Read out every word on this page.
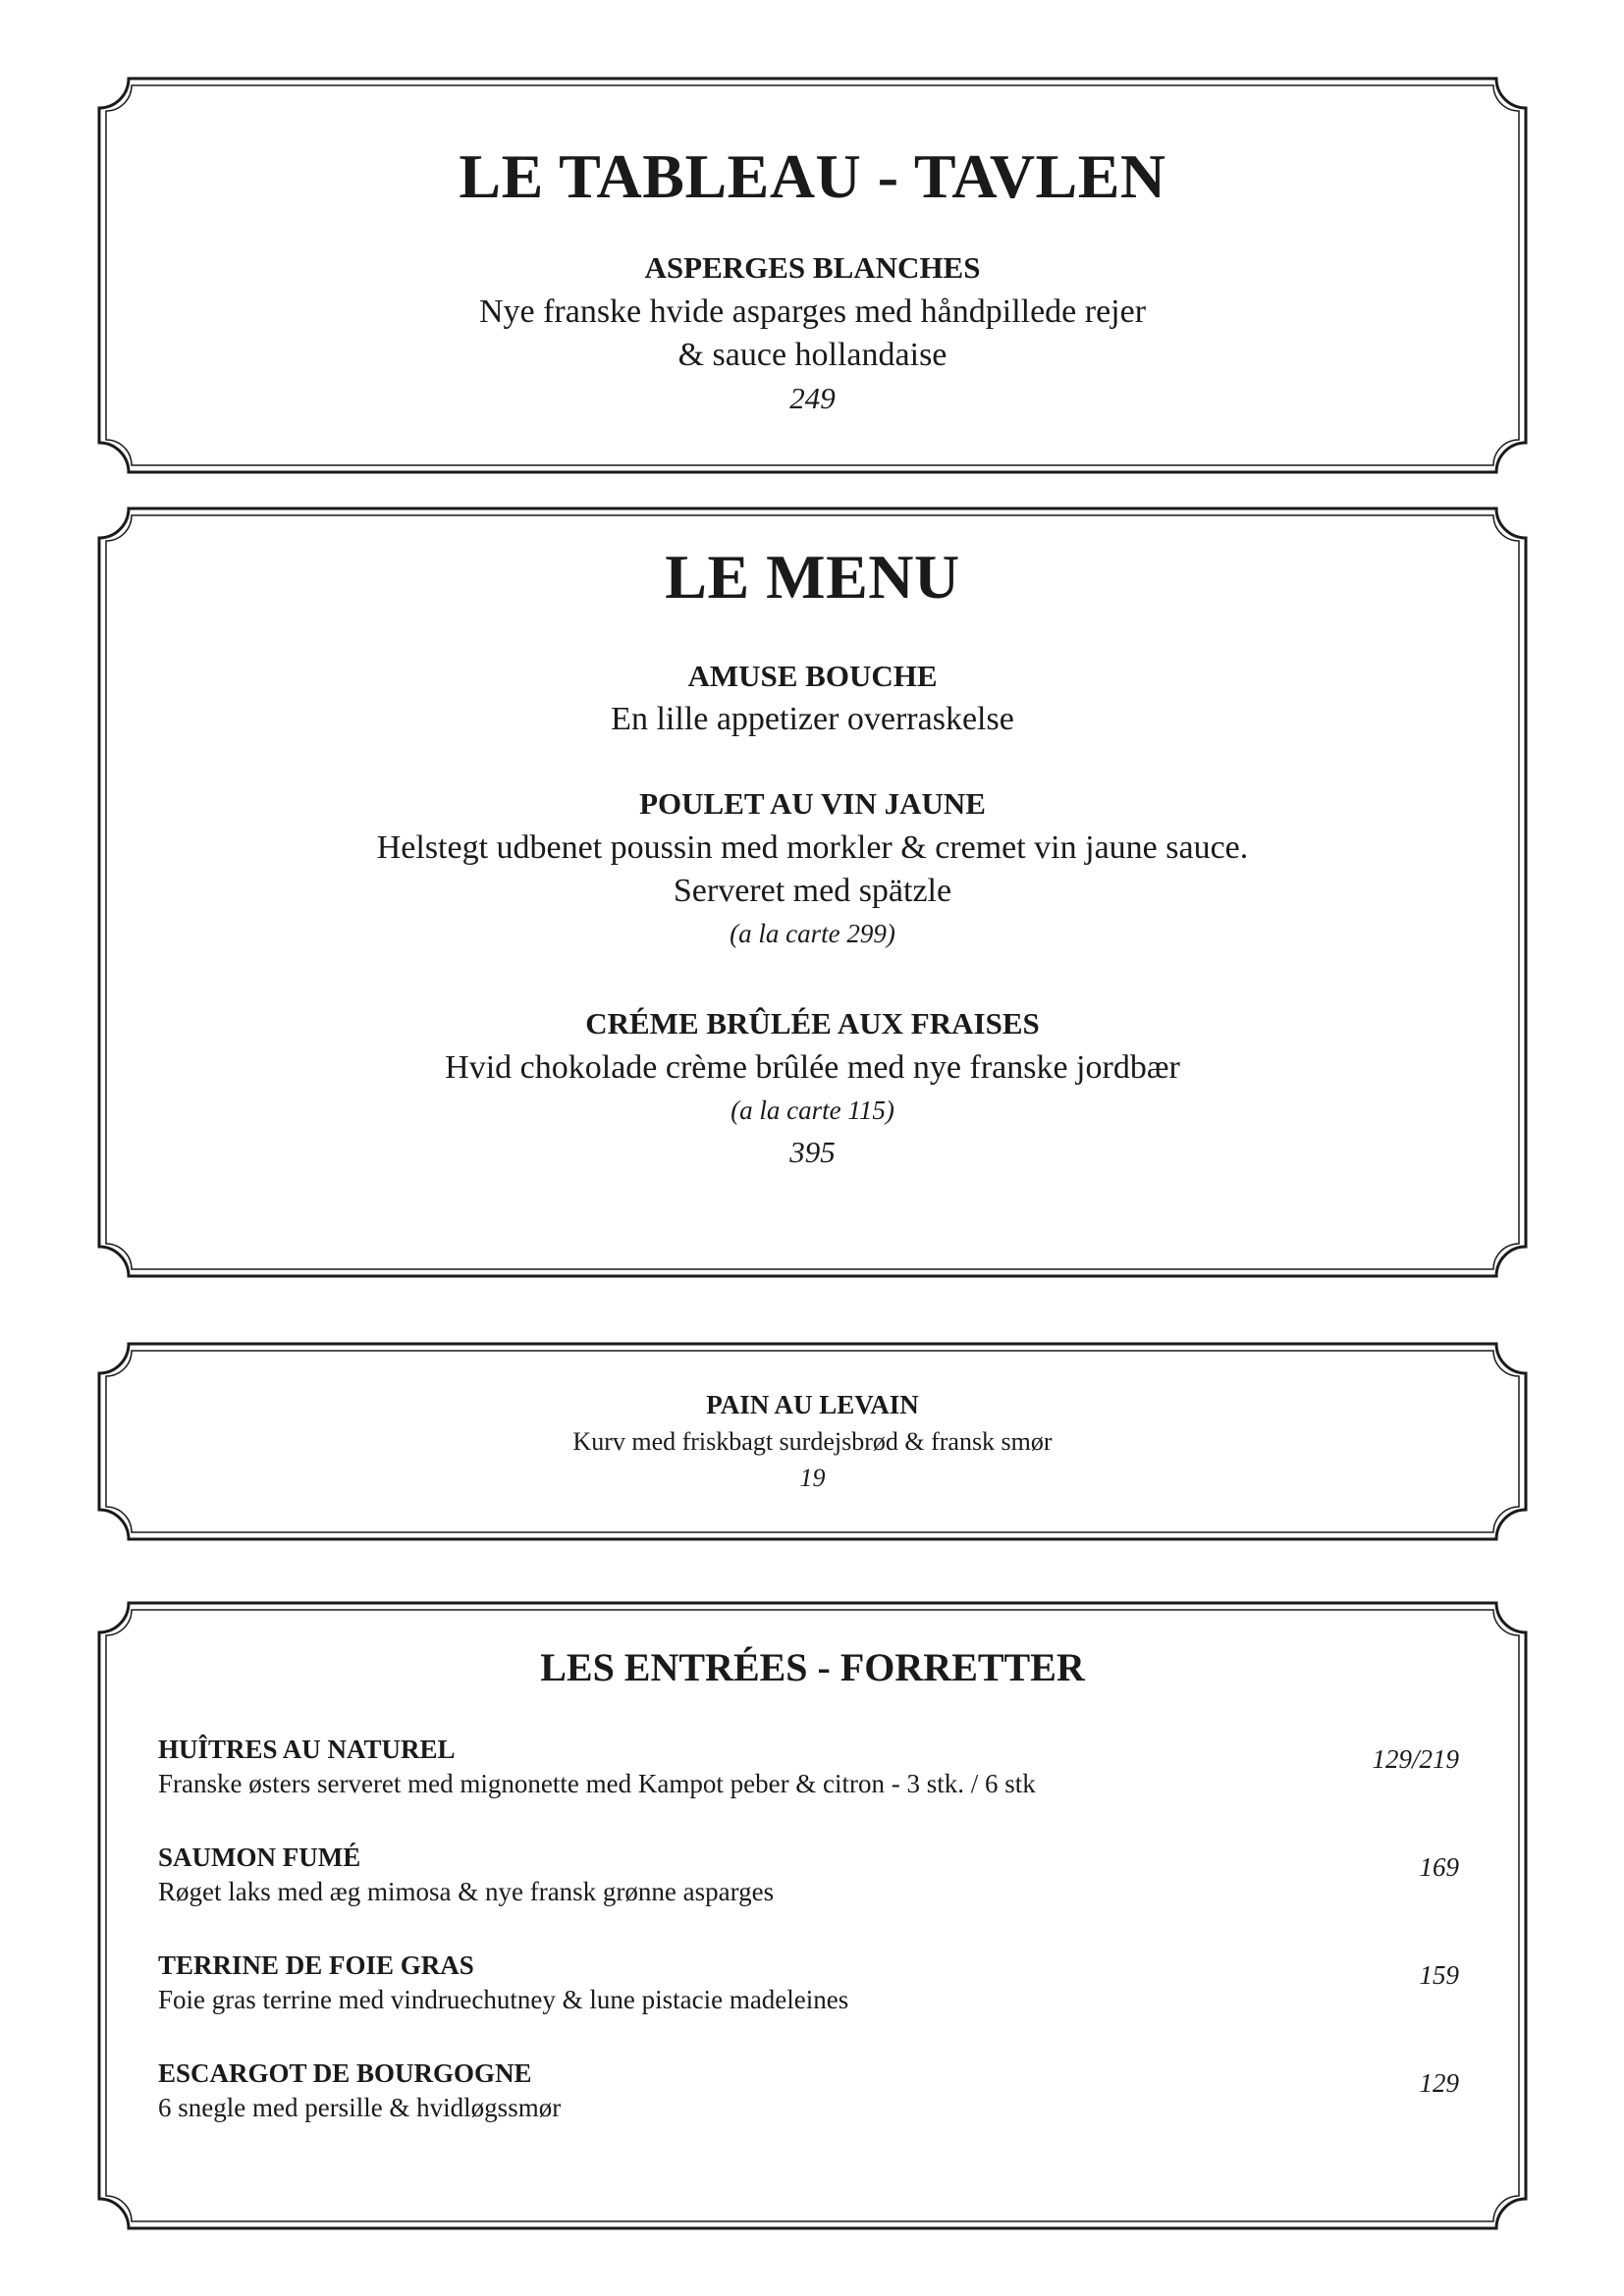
LE TABLEAU - TAVLEN
ASPERGES BLANCHES
Nye franske hvide asparges med håndpillede rejer
& sauce hollandaise
249
LE MENU
AMUSE BOUCHE
En lille appetizer overraskelse
POULET AU VIN JAUNE
Helstegt udbenet poussin med morkler & cremet vin jaune sauce.
Serveret med spätzle
(a la carte 299)
CRÉME BRÛLÉE AUX FRAISES
Hvid chokolade crème brûlée med nye franske jordbær
(a la carte 115)
395
PAIN AU LEVAIN
Kurv med friskbagt surdejsbrød & fransk smør
19
LES ENTRÉES - FORRETTER
HUÎTRES AU NATUREL
Franske østers serveret med mignonette med Kampot peber & citron - 3 stk. / 6 stk
129/219
SAUMON FUMÉ
Røget laks med æg mimosa & nye fransk grønne asparges
169
TERRINE DE FOIE GRAS
Foie gras terrine med vindruechutney & lune pistacie madeleines
159
ESCARGOT DE BOURGOGNE
6 snegle med persille & hvidløgssmør
129
